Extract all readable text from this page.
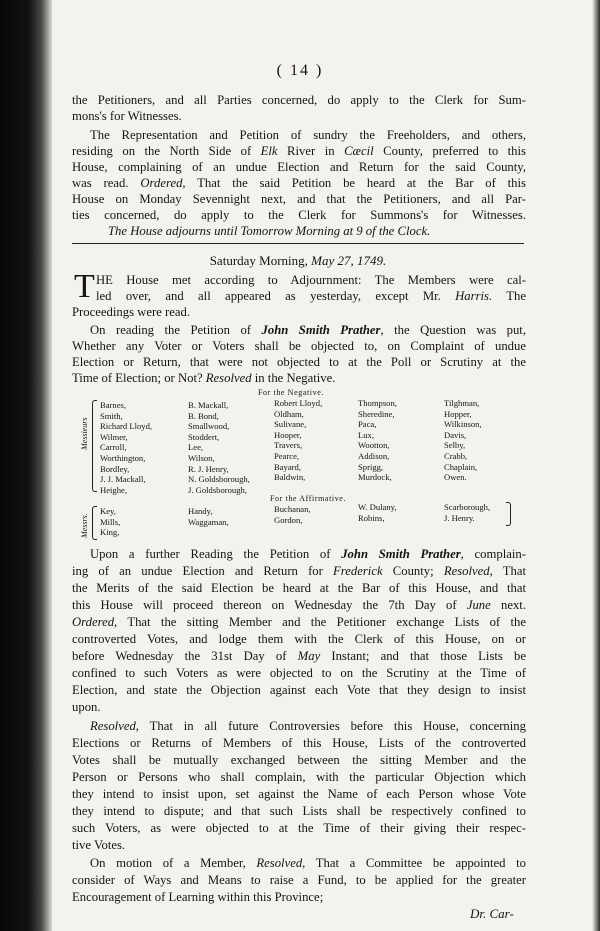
( 14 )
the Petitioners, and all Parties concerned, do apply to the Clerk for Sum-
mons's for Witnesses.
The Representation and Petition of sundry the Freeholders, and others,
residing on the North Side of Elk River in Cæcil County, preferred to this
House, complaining of an undue Election and Return for the said County,
was read. Ordered, That the said Petition be heard at the Bar of this
House on Monday Sevennight next, and that the Petitioners, and all Par-
ties concerned, do apply to the Clerk for Summons's for Witnesses.
The House adjourns until Tomorrow Morning at 9 of the Clock.
Saturday Morning, May 27, 1749.
HE House met according to Adjournment: The Members were cal-
led over, and all appeared as yesterday, except Mr. Harris. The
T
Proceedings were read.
On reading the Petition of John Smith Prather, the Question was put,
Whether any Voter or Voters shall be objected to, on Complaint of undue
Election or Return, that were not objected to at the Poll or Scrutiny at the
Time of Election; or Not? Resolved in the Negative.
For the Negative.
Messieurs
Barnes,
Smith,
Richard Lloyd,
Wilmer,
Carroll,
Worthington,
Bordley,
J. J. Mackall,
Heighe,
B. Mackall,
B. Bond,
Smallwood,
Stoddert,
Lee,
Wilson,
R. J. Henry,
N. Goldsborough,
J. Goldsborough,
Robert Lloyd,
Oldham,
Sulivane,
Hooper,
Travers,
Pearce,
Bayard,
Baldwin,
Thompson,
Sheredine,
Paca,
Lux,
Wootton,
Addison,
Sprigg,
Murdock,
Tilghman,
Hopper,
Wilkinson,
Davis,
Selby,
Crabb,
Chaplain,
Owen.
For the Affirmative.
Messrs.
Key,
Mills,
King,
Handy,
Waggaman,
Buchanan,
Gordon,
W. Dulany,
Robins,
Scarborough,
J. Henry.
Upon a further Reading the Petition of John Smith Prather, complain-
ing of an undue Election and Return for Frederick County; Resolved, That
the Merits of the said Election be heard at the Bar of this House, and that
this House will proceed thereon on Wednesday the 7th Day of June next.
Ordered, That the sitting Member and the Petitioner exchange Lists of the
controverted Votes, and lodge them with the Clerk of this House, on or
before Wednesday the 31st Day of May Instant; and that those Lists be
confined to such Voters as were objected to on the Scrutiny at the Time of
Election, and state the Objection against each Vote that they design to insist
upon.
Resolved, That in all future Controversies before this House, concerning
Elections or Returns of Members of this House, Lists of the controverted
Votes shall be mutually exchanged between the sitting Member and the
Person or Persons who shall complain, with the particular Objection which
they intend to insist upon, set against the Name of each Person whose Vote
they intend to dispute; and that such Lists shall be respectively confined to
such Voters, as were objected to at the Time of their giving their respec-
tive Votes.
On motion of a Member, Resolved, That a Committee be appointed to
consider of Ways and Means to raise a Fund, to be applied for the greater
Encouragement of Learning within this Province;
Dr. Car-
